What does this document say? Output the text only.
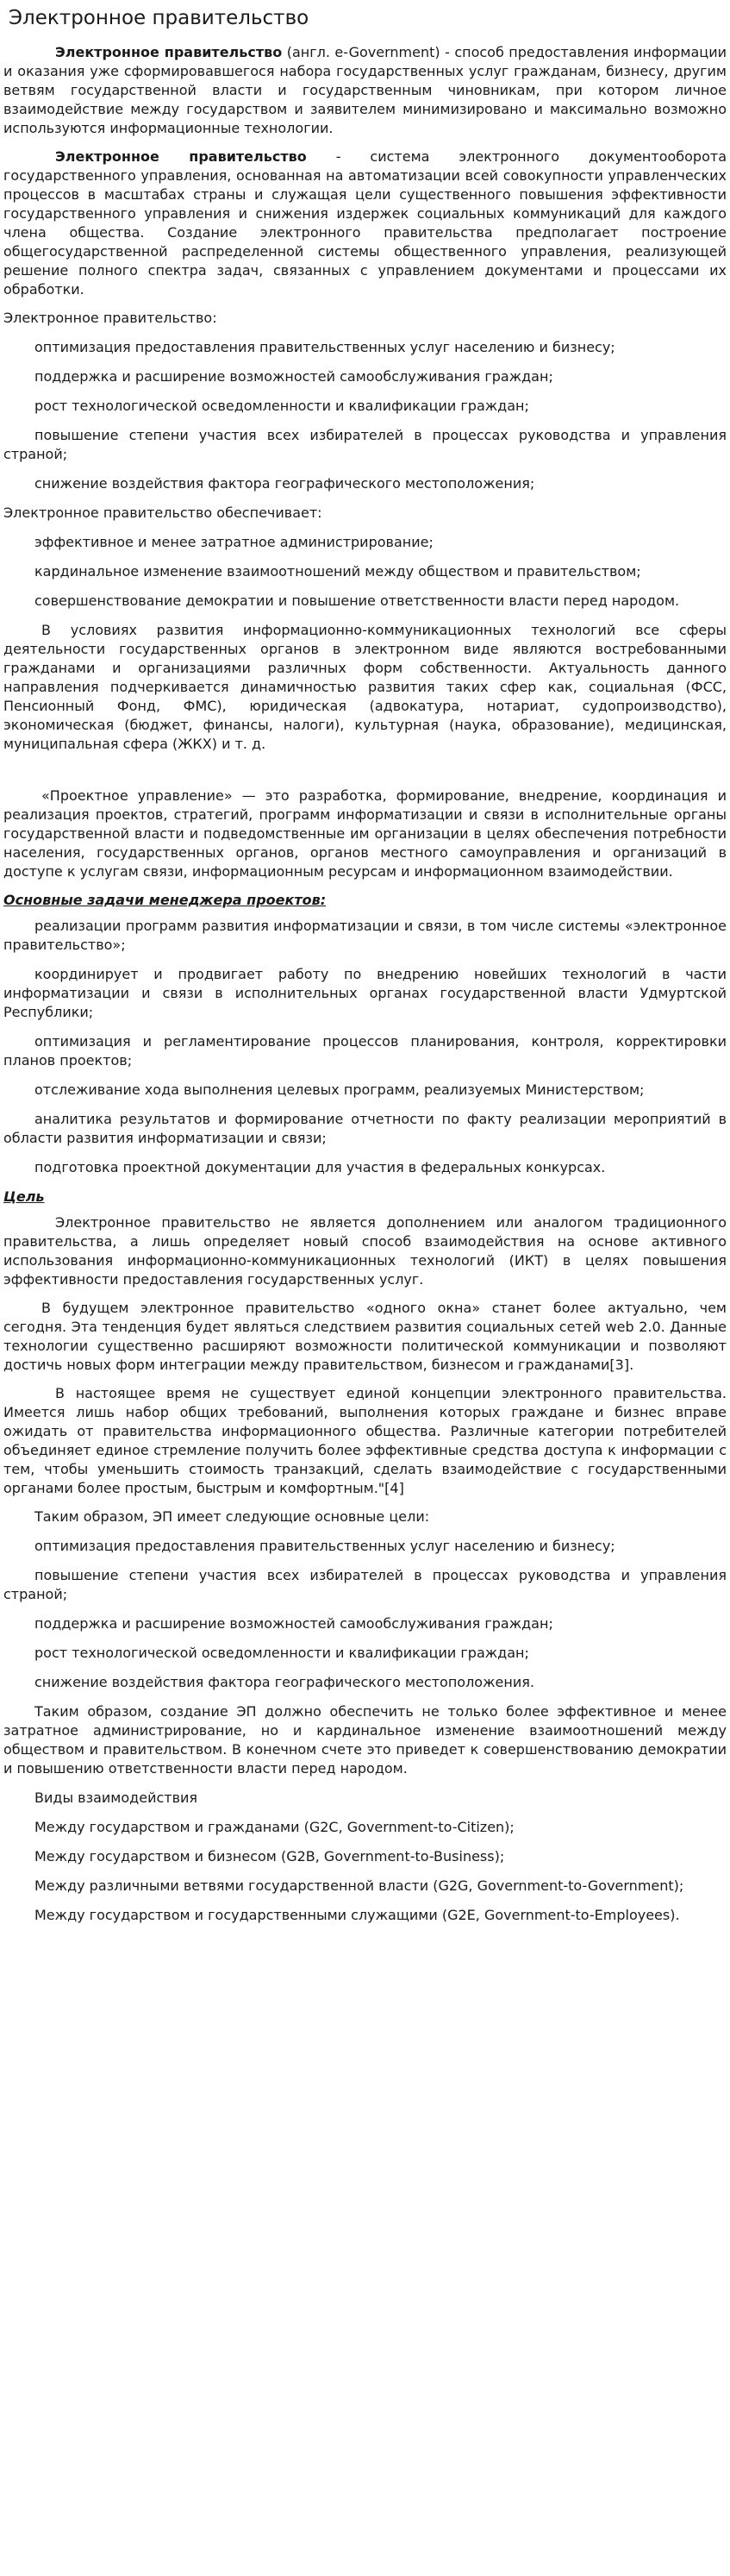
Электронное правительство

Электронное правительство (англ. e-Government) - способ предоставления информации и оказания уже сформировавшегося набора государственных услуг гражданам, бизнесу, другим ветвям государственной власти и государственным чиновникам, при котором личное взаимодействие между государством и заявителем минимизировано и максимально возможно используются информационные технологии.

Электронное правительство - система электронного документооборота государственного управления, основанная на автоматизации всей совокупности управленческих процессов в масштабах страны и служащая цели существенного повышения эффективности государственного управления и снижения издержек социальных коммуникаций для каждого члена общества. Создание электронного правительства предполагает построение общегосударственной распределенной системы общественного управления, реализующей решение полного спектра задач, связанных с управлением документами и процессами их обработки.

Электронное правительство:

оптимизация предоставления правительственных услуг населению и бизнесу;

поддержка и расширение возможностей самообслуживания граждан;

рост технологической осведомленности и квалификации граждан;

повышение степени участия всех избирателей в процессах руководства и управления страной;

снижение воздействия фактора географического местоположения;

Электронное правительство обеспечивает:

эффективное и менее затратное администрирование;

кардинальное изменение взаимоотношений между обществом и правительством;

совершенствование демократии и повышение ответственности власти перед народом.

В условиях развития информационно-коммуникационных технологий все сферы деятельности государственных органов в электронном виде являются востребованными гражданами и организациями различных форм собственности. Актуальность данного направления подчеркивается динамичностью развития таких сфер как, социальная (ФСС, Пенсионный Фонд, ФМС), юридическая (адвокатура, нотариат, судопроизводство), экономическая (бюджет, финансы, налоги), культурная (наука, образование), медицинская, муниципальная сфера (ЖКХ) и т. д.

«Проектное управление» — это разработка, формирование, внедрение, координация и реализация проектов, стратегий, программ информатизации и связи в исполнительные органы государственной власти и подведомственные им организации в целях обеспечения потребности населения, государственных органов, органов местного самоуправления и организаций в доступе к услугам связи, информационным ресурсам и информационном взаимодействии.

Основные задачи менеджера проектов:

реализации программ развития информатизации и связи, в том числе системы «электронное правительство»;

координирует и продвигает работу по внедрению новейших технологий в части информатизации и связи в исполнительных органах государственной власти Удмуртской Республики;

оптимизация и регламентирование процессов планирования, контроля, корректировки планов проектов;

отслеживание хода выполнения целевых программ, реализуемых Министерством;

аналитика результатов и формирование отчетности по факту реализации мероприятий в области развития информатизации и связи;

подготовка проектной документации для участия в федеральных конкурсах.

Цель

Электронное правительство не является дополнением или аналогом традиционного правительства, а лишь определяет новый способ взаимодействия на основе активного использования информационно-коммуникационных технологий (ИКТ) в целях повышения эффективности предоставления государственных услуг.

В будущем электронное правительство «одного окна» станет более актуально, чем сегодня. Эта тенденция будет являться следствием развития социальных сетей web 2.0. Данные технологии существенно расширяют возможности политической коммуникации и позволяют достичь новых форм интеграции между правительством, бизнесом и гражданами[3].

В настоящее время не существует единой концепции электронного правительства. Имеется лишь набор общих требований, выполнения которых граждане и бизнес вправе ожидать от правительства информационного общества. Различные категории потребителей объединяет единое стремление получить более эффективные средства доступа к информации с тем, чтобы уменьшить стоимость транзакций, сделать взаимодействие с государственными органами более простым, быстрым и комфортным."[4]

Таким образом, ЭП имеет следующие основные цели:

оптимизация предоставления правительственных услуг населению и бизнесу;

повышение степени участия всех избирателей в процессах руководства и управления страной;

поддержка и расширение возможностей самообслуживания граждан;

рост технологической осведомленности и квалификации граждан;

снижение воздействия фактора географического местоположения.

Таким образом, создание ЭП должно обеспечить не только более эффективное и менее затратное администрирование, но и кардинальное изменение взаимоотношений между обществом и правительством. В конечном счете это приведет к совершенствованию демократии и повышению ответственности власти перед народом.

Виды взаимодействия

Между государством и гражданами (G2C, Government-to-Citizen);

Между государством и бизнесом (G2B, Government-to-Business);

Между различными ветвями государственной власти (G2G, Government-to-Government);

Между государством и государственными служащими (G2E, Government-to-Employees).
